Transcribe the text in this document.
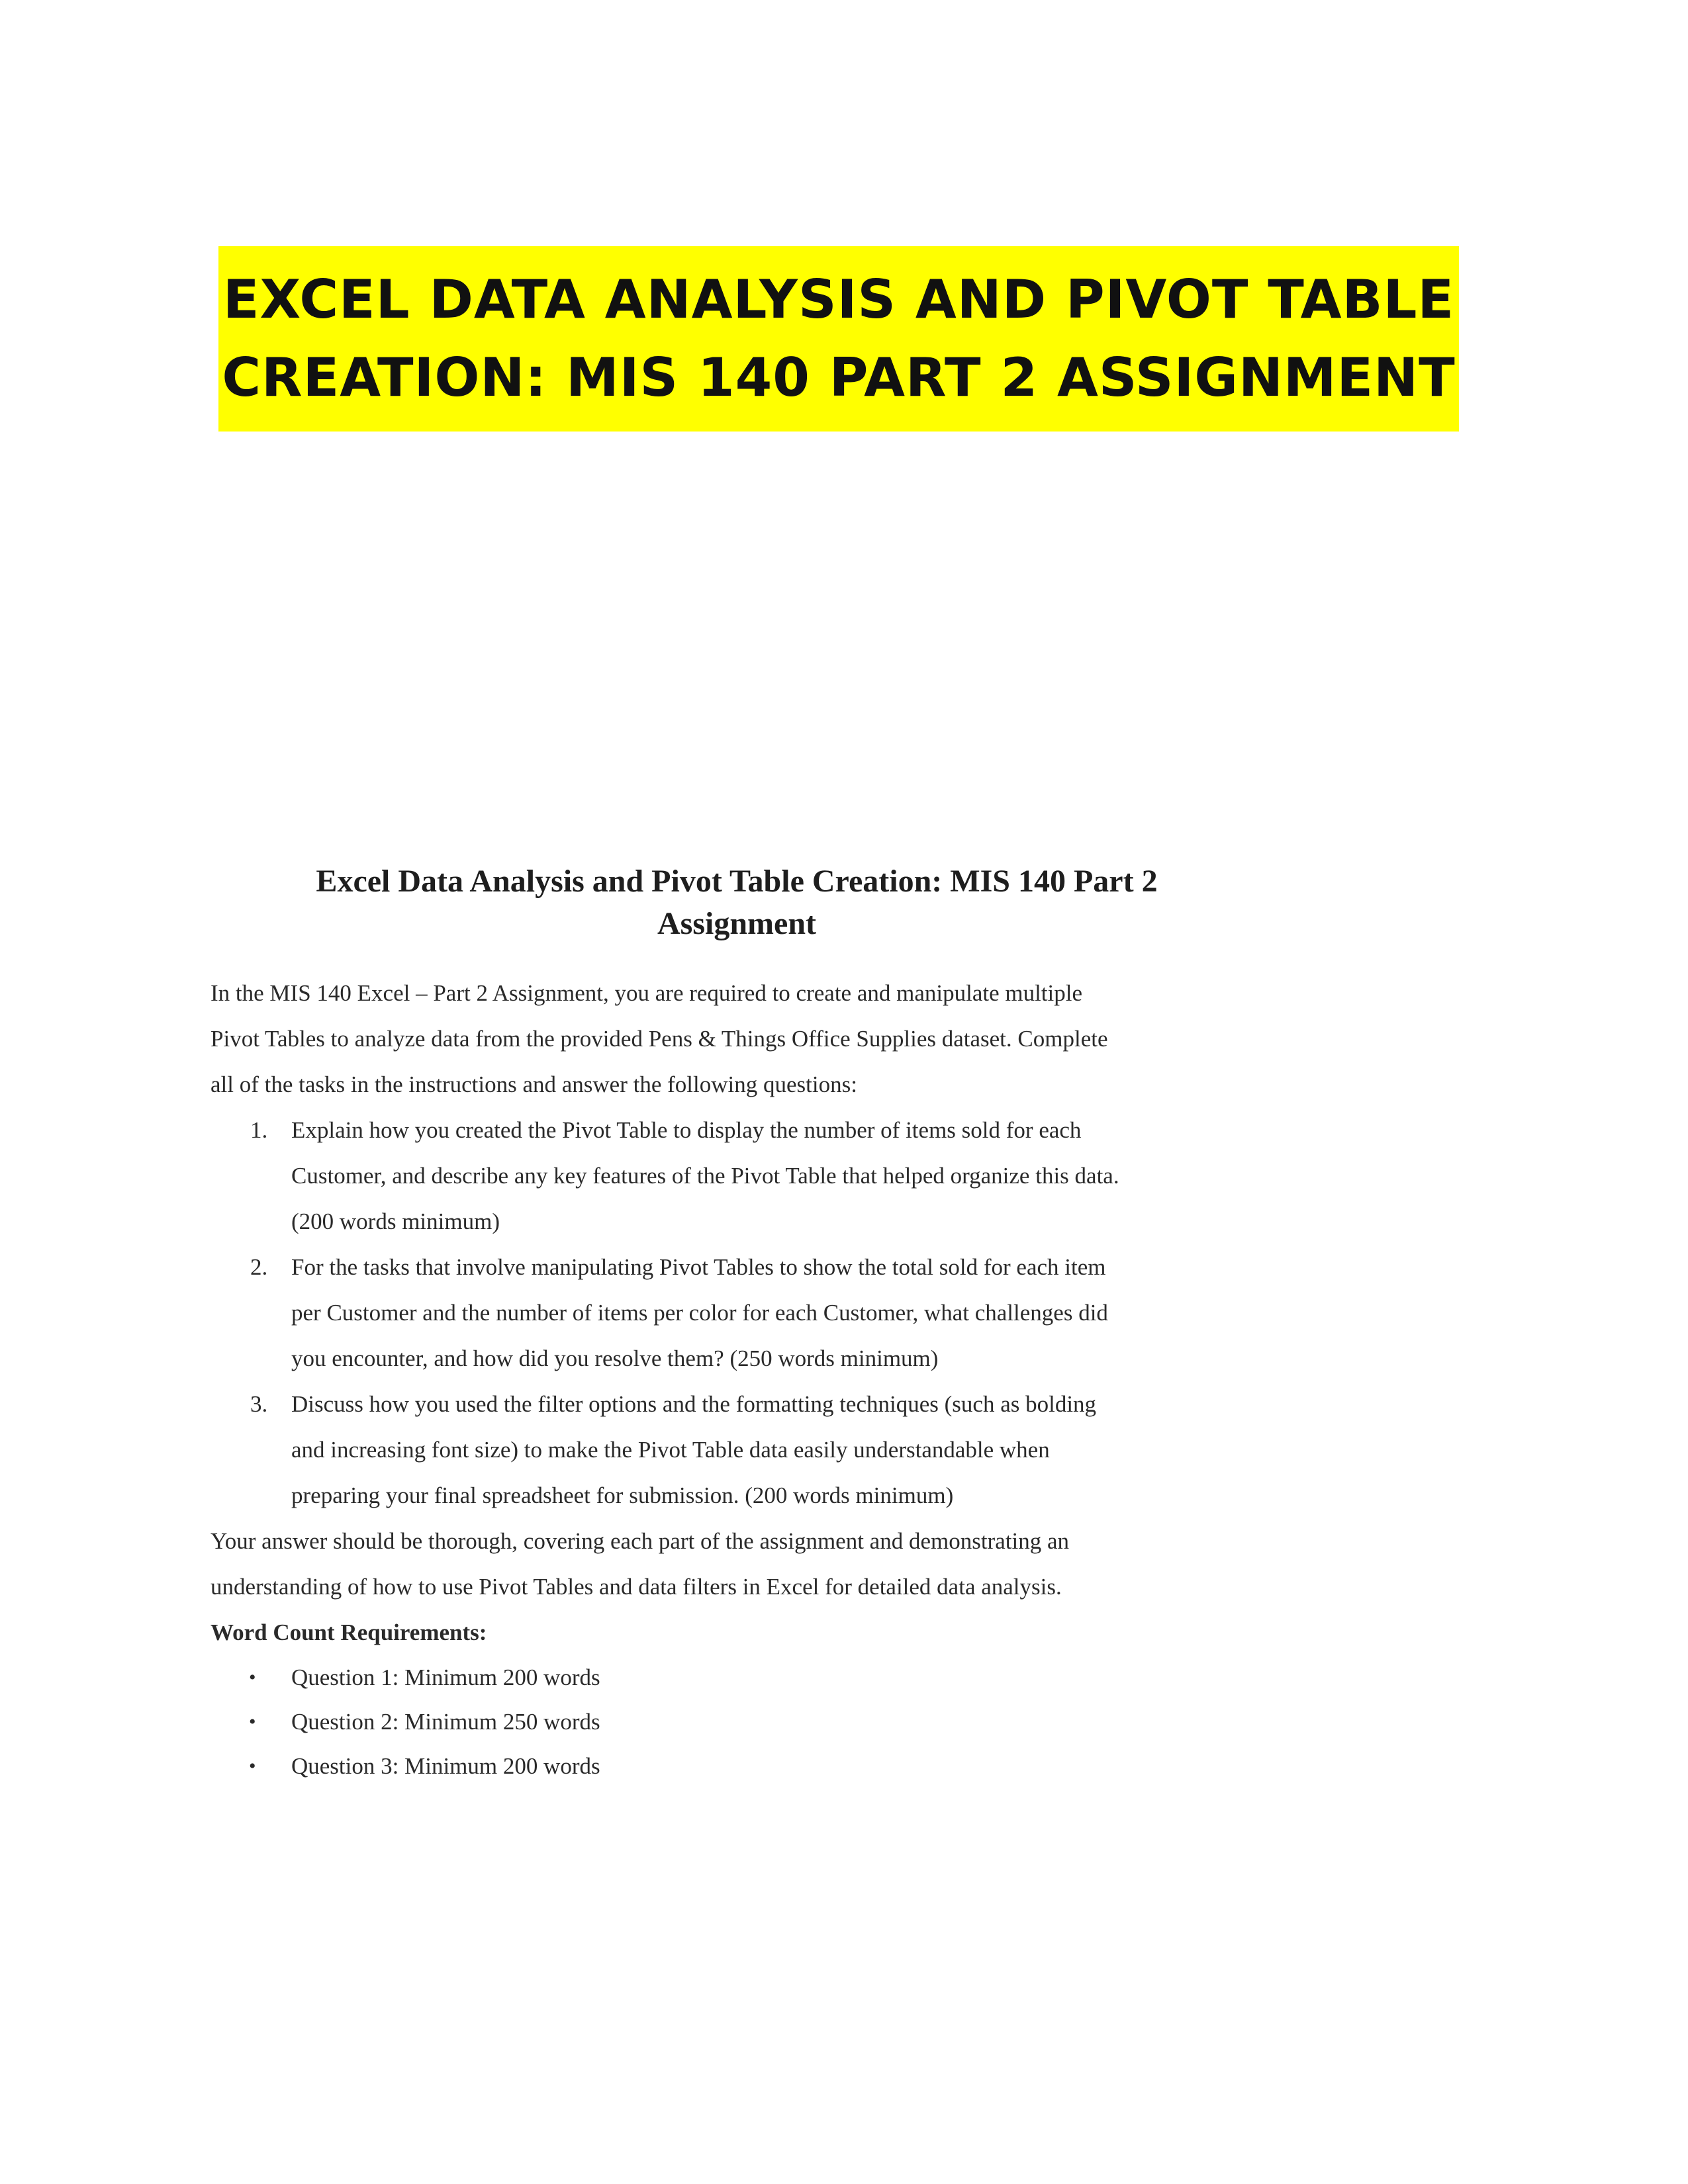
EXCEL DATA ANALYSIS AND PIVOT TABLE
CREATION: MIS 140 PART 2 ASSIGNMENT
Excel Data Analysis and Pivot Table Creation: MIS 140 Part 2
Assignment

In the MIS 140 Excel – Part 2 Assignment, you are required to create and manipulate multiple

Pivot Tables to analyze data from the provided Pens & Things Office Supplies dataset. Complete

all of the tasks in the instructions and answer the following questions:

1. Explain how you created the Pivot Table to display the number of items sold for each
Customer, and describe any key features of the Pivot Table that helped organize this data.
(200 words minimum)
2. For the tasks that involve manipulating Pivot Tables to show the total sold for each item
per Customer and the number of items per color for each Customer, what challenges did
you encounter, and how did you resolve them? (250 words minimum)
3. Discuss how you used the filter options and the formatting techniques (such as bolding
and increasing font size) to make the Pivot Table data easily understandable when
preparing your final spreadsheet for submission. (200 words minimum)

Your answer should be thorough, covering each part of the assignment and demonstrating an

understanding of how to use Pivot Tables and data filters in Excel for detailed data analysis.

Word Count Requirements:

• Question 1: Minimum 200 words
• Question 2: Minimum 250 words
• Question 3: Minimum 200 words
